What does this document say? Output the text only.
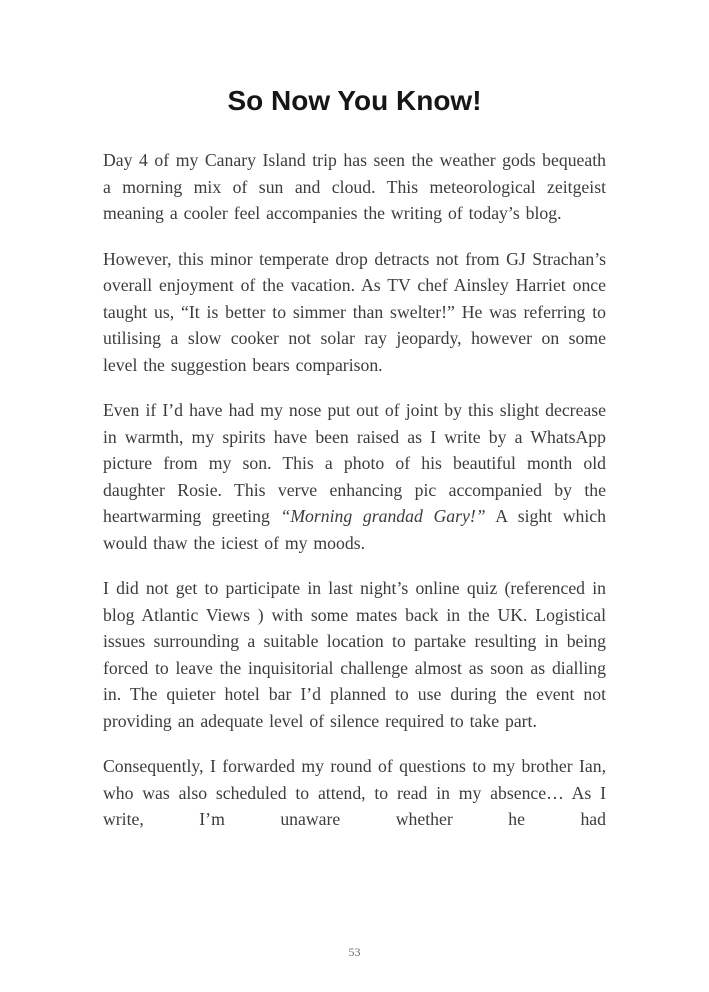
So Now You Know!

Day 4 of my Canary Island trip has seen the weather gods bequeath a morning mix of sun and cloud. This meteorological zeitgeist meaning a cooler feel accompanies the writing of today’s blog.

However, this minor temperate drop detracts not from GJ Strachan’s overall enjoyment of the vacation. As TV chef Ainsley Harriet once taught us, “It is better to simmer than swelter!” He was referring to utilising a slow cooker not solar ray jeopardy, however on some level the suggestion bears comparison.

Even if I’d have had my nose put out of joint by this slight decrease in warmth, my spirits have been raised as I write by a WhatsApp picture from my son. This a photo of his beautiful month old daughter Rosie. This verve enhancing pic accompanied by the heartwarming greeting “Morning grandad Gary!” A sight which would thaw the iciest of my moods.

I did not get to participate in last night’s online quiz (referenced in blog Atlantic Views ) with some mates back in the UK. Logistical issues surrounding a suitable location to partake resulting in being forced to leave the inquisitorial challenge almost as soon as dialling in. The quieter hotel bar I’d planned to use during the event not providing an adequate level of silence required to take part.

Consequently, I forwarded my round of questions to my brother Ian, who was also scheduled to attend, to read in my absence… As I write, I’m unaware whether he had

53
